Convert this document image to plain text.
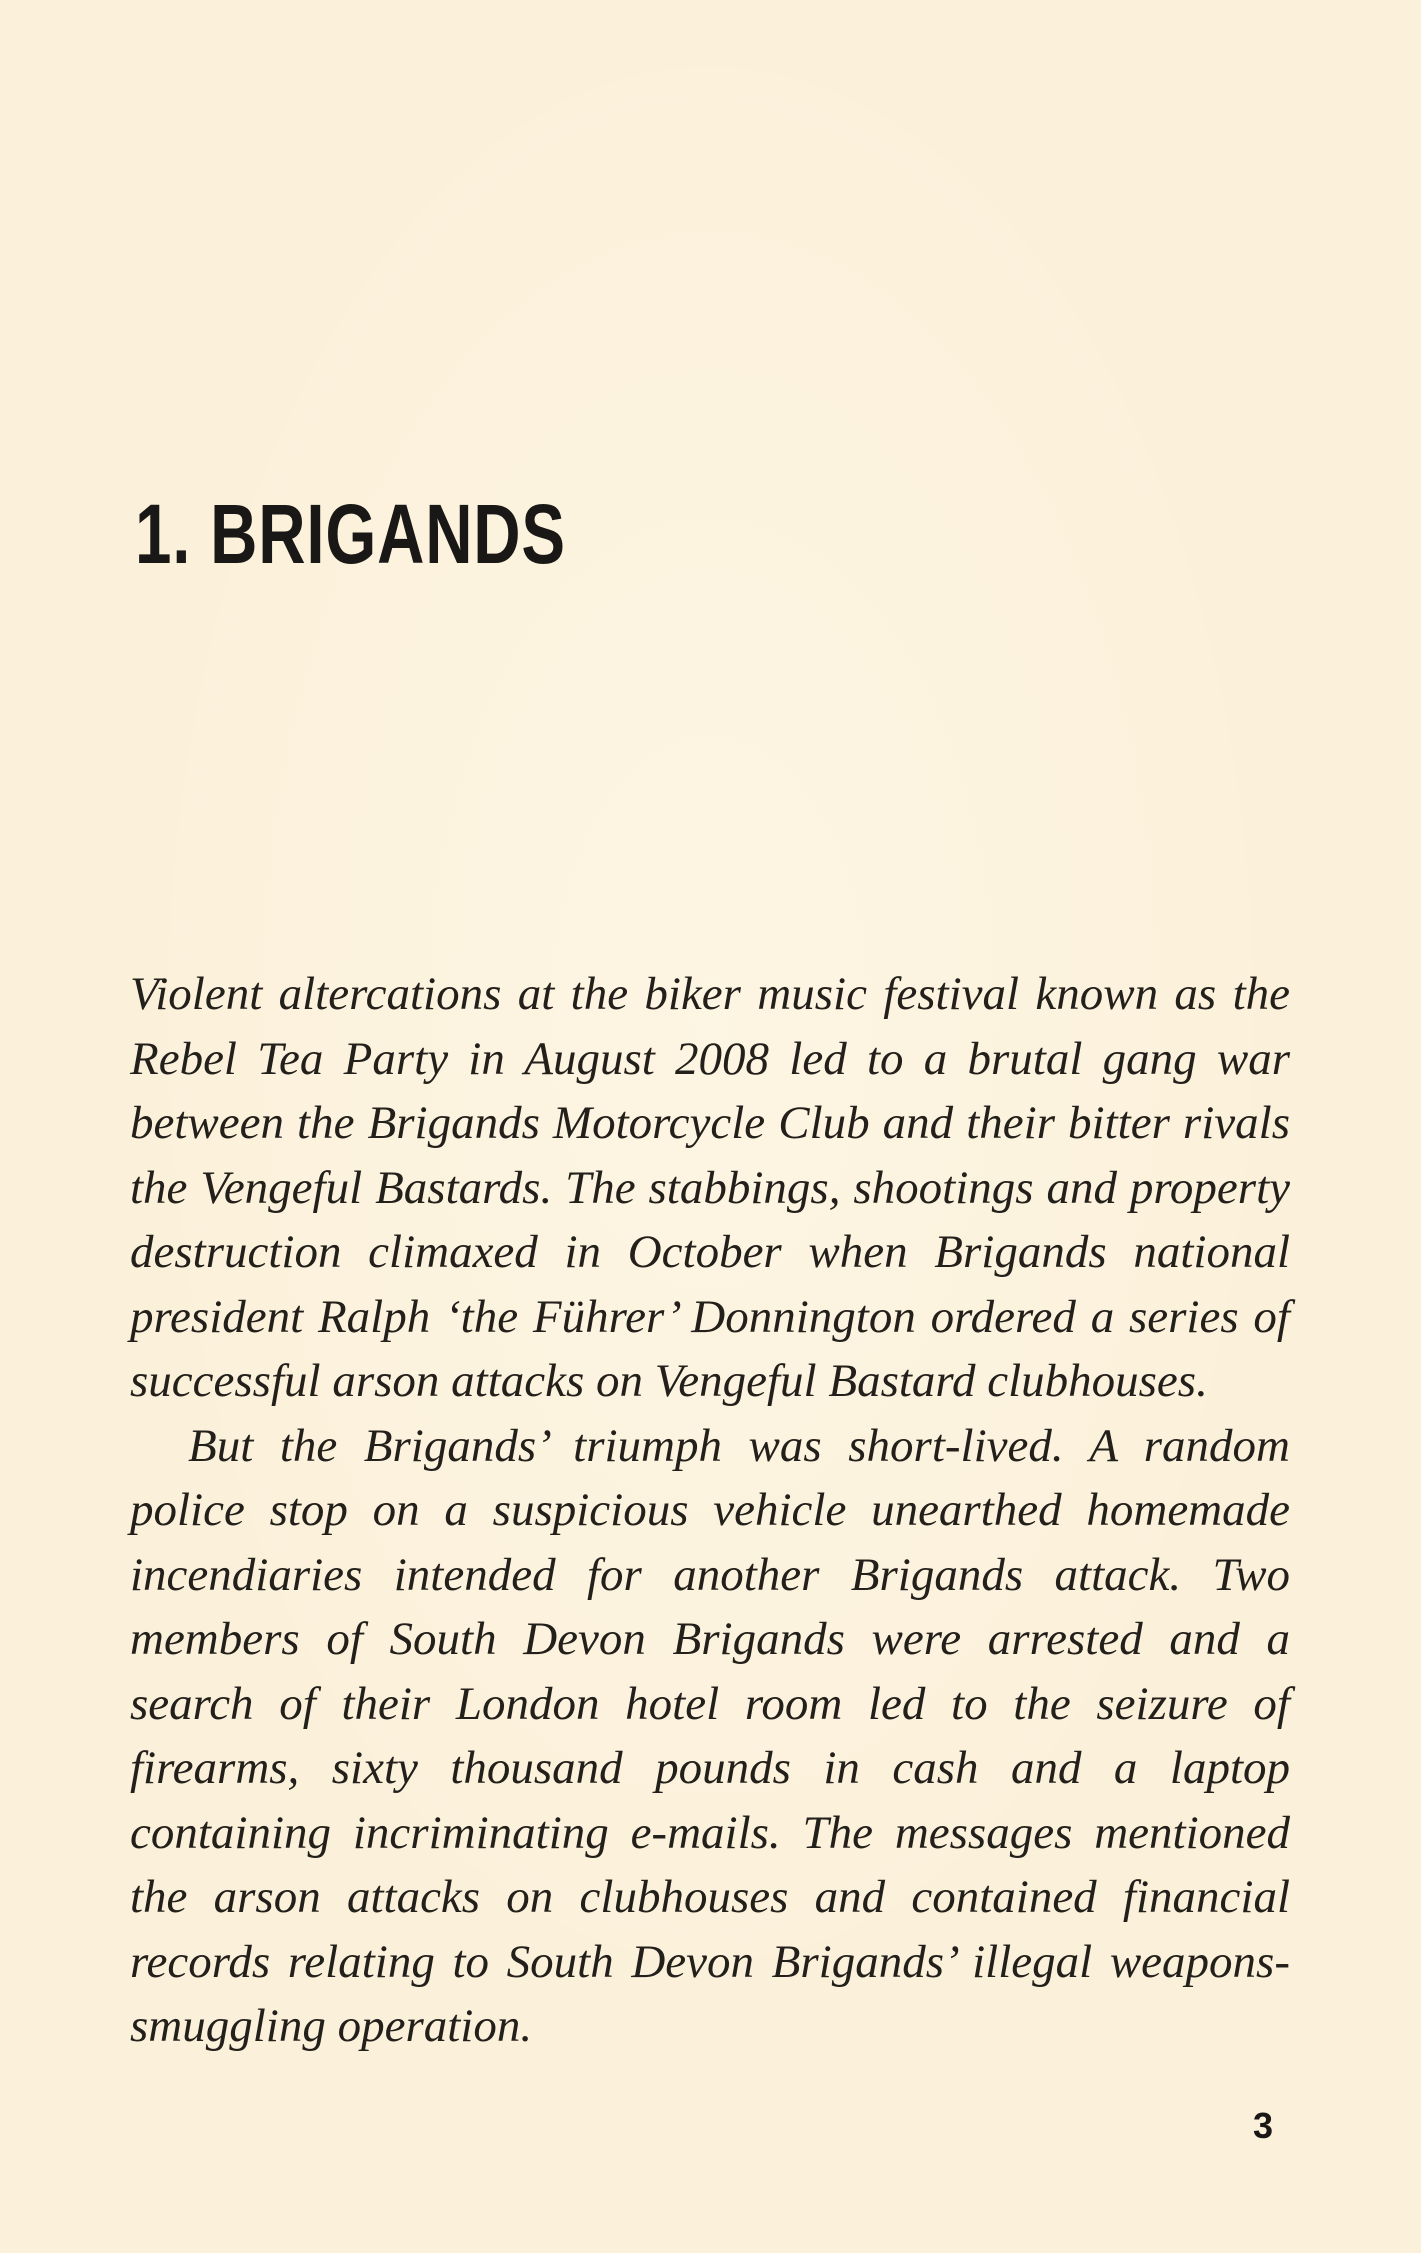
1. BRIGANDS

Violent altercations at the biker music festival known as the Rebel Tea Party in August 2008 led to a brutal gang war between the Brigands Motorcycle Club and their bitter rivals the Vengeful Bastards. The stabbings, shootings and property destruction climaxed in October when Brigands national president Ralph ‘the Führer’ Donnington ordered a series of successful arson attacks on Vengeful Bastard clubhouses.

But the Brigands’ triumph was short-lived. A random police stop on a suspicious vehicle unearthed homemade incendiaries intended for another Brigands attack. Two members of South Devon Brigands were arrested and a search of their London hotel room led to the seizure of firearms, sixty thousand pounds in cash and a laptop containing incriminating e-mails. The messages mentioned the arson attacks on clubhouses and contained financial records relating to South Devon Brigands’ illegal weapons-smuggling operation.

3
